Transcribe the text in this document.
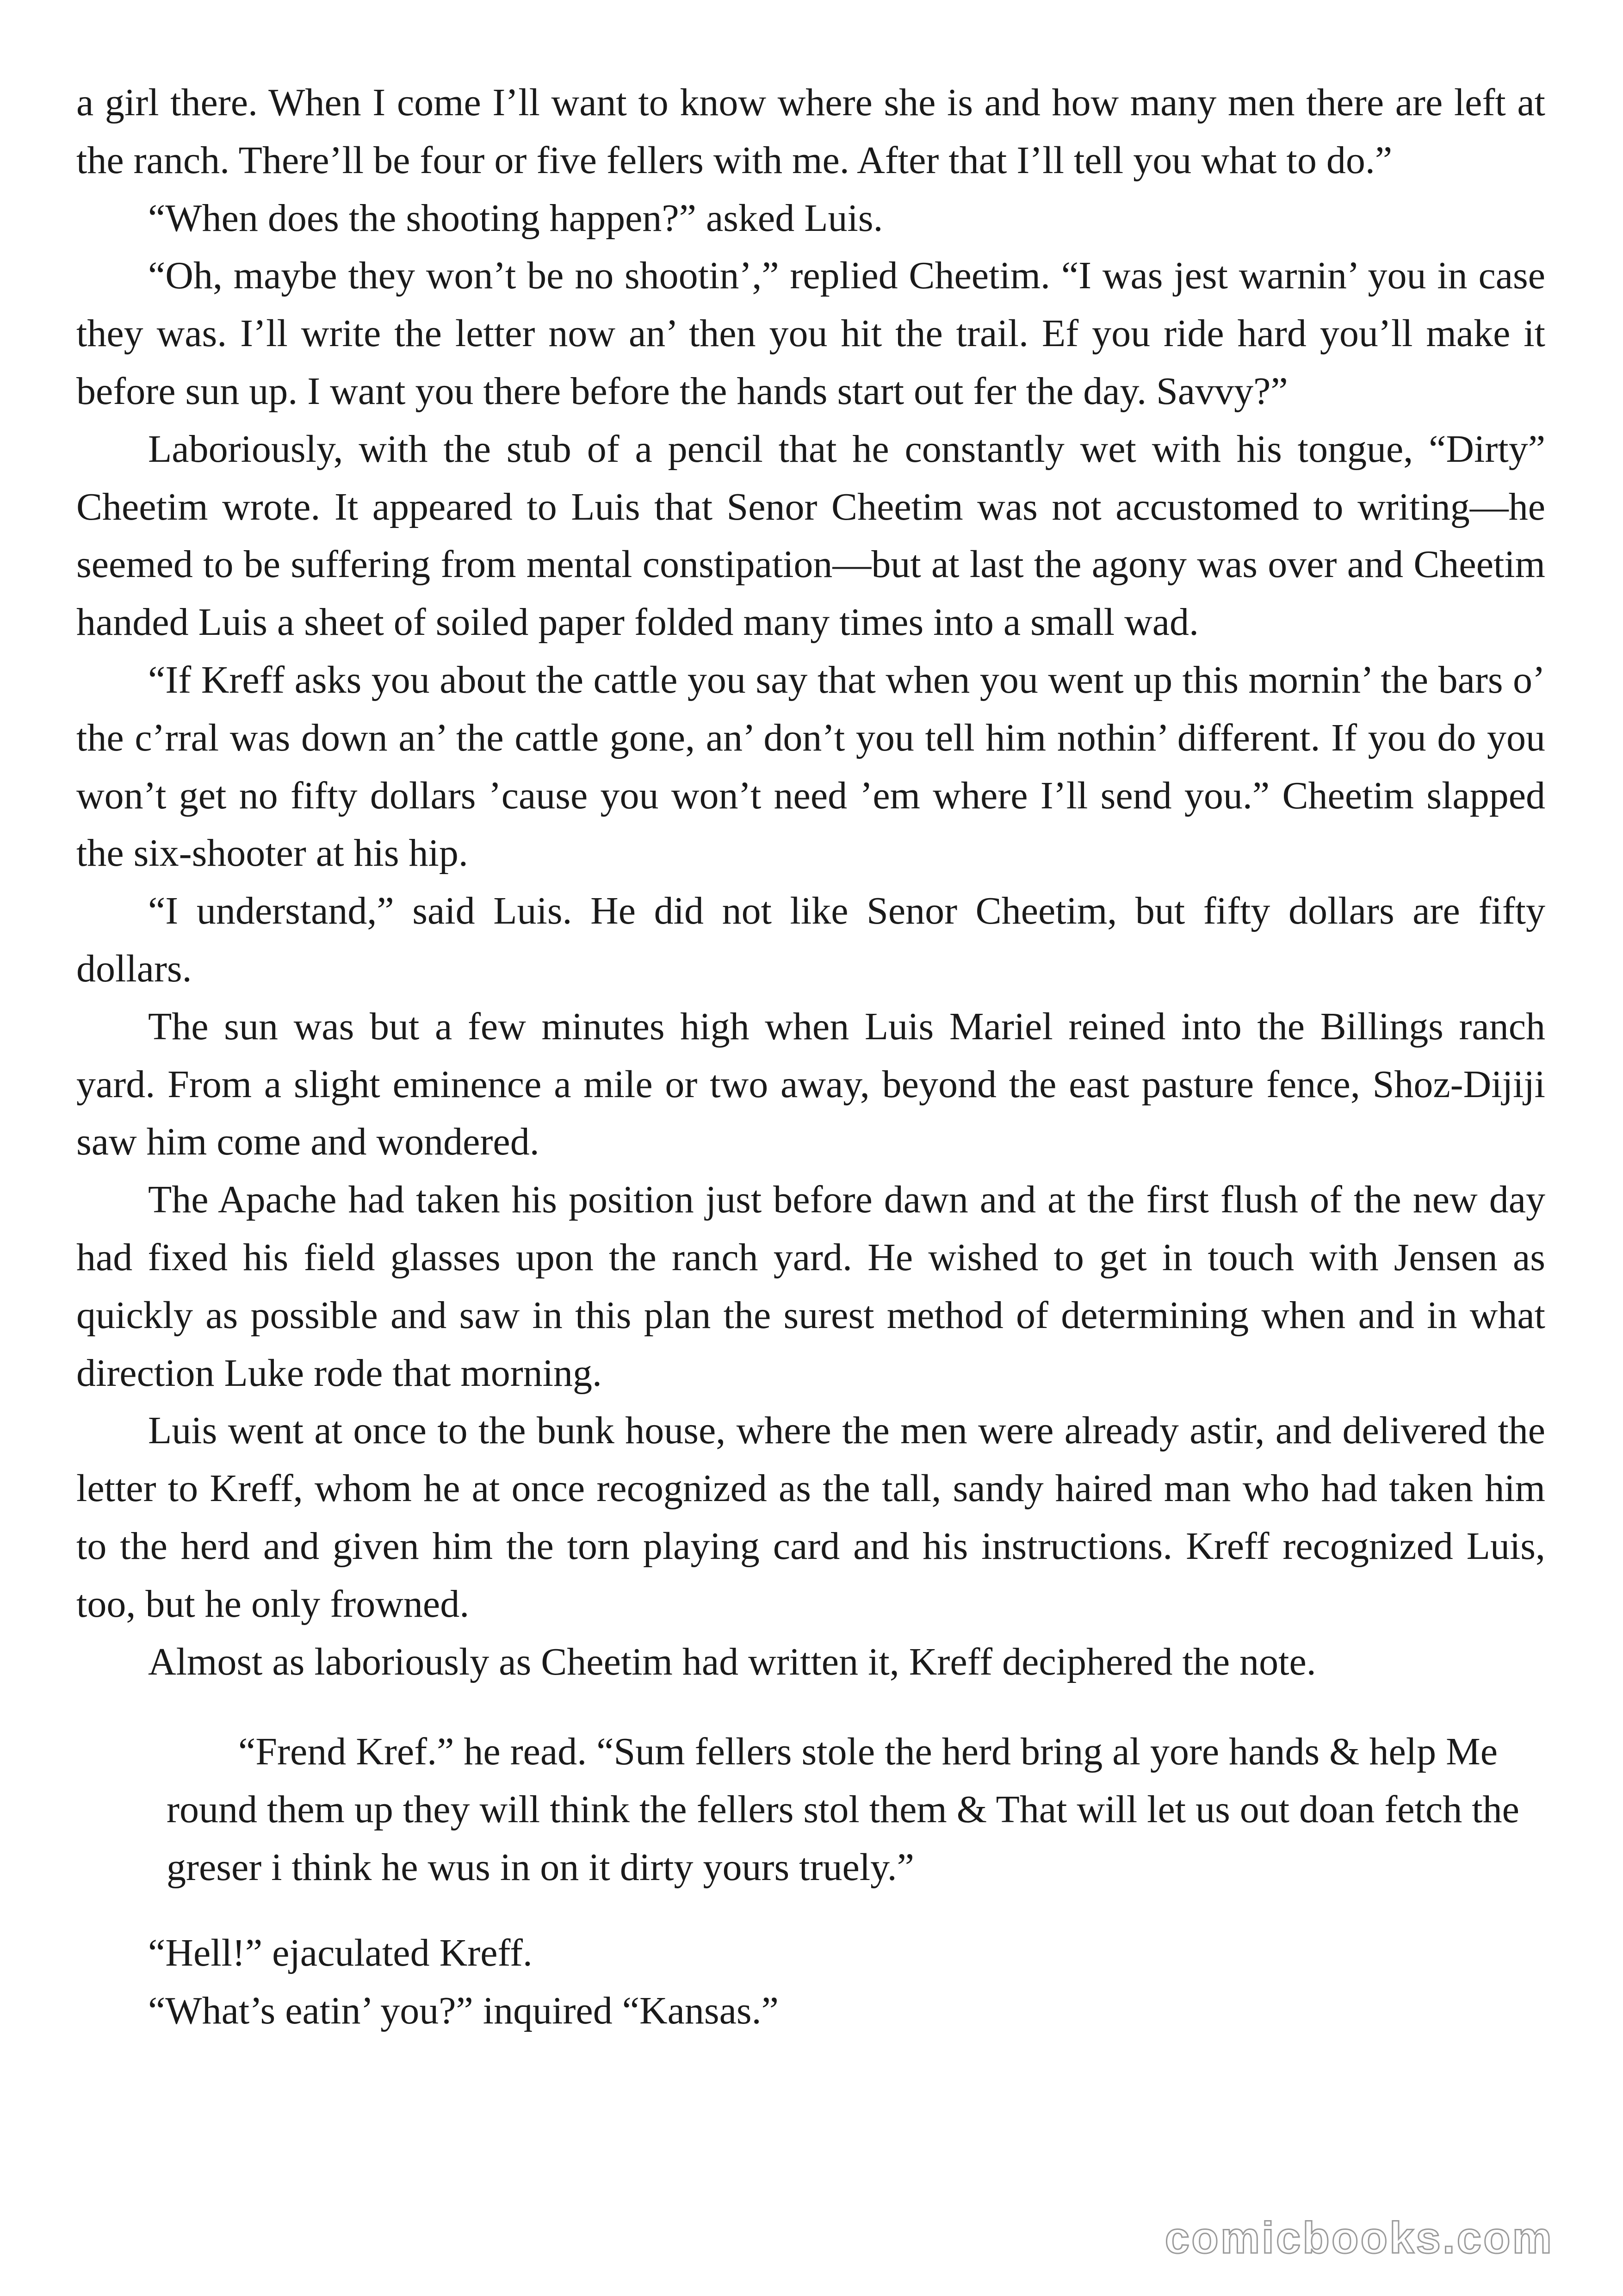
a girl there. When I come I’ll want to know where she is and how many men there are left at the ranch. There’ll be four or five fellers with me. After that I’ll tell you what to do.”

“When does the shooting happen?” asked Luis.

“Oh, maybe they won’t be no shootin’,” replied Cheetim. “I was jest warnin’ you in case they was. I’ll write the letter now an’ then you hit the trail. Ef you ride hard you’ll make it before sun up. I want you there before the hands start out fer the day. Savvy?”

Laboriously, with the stub of a pencil that he constantly wet with his tongue, “Dirty” Cheetim wrote. It appeared to Luis that Senor Cheetim was not accustomed to writing—he seemed to be suffering from mental constipation—but at last the agony was over and Cheetim handed Luis a sheet of soiled paper folded many times into a small wad.

“If Kreff asks you about the cattle you say that when you went up this mornin’ the bars o’ the c’rral was down an’ the cattle gone, an’ don’t you tell him nothin’ different. If you do you won’t get no fifty dollars ’cause you won’t need ’em where I’ll send you.” Cheetim slapped the six-shooter at his hip.

“I understand,” said Luis. He did not like Senor Cheetim, but fifty dollars are fifty dollars.

The sun was but a few minutes high when Luis Mariel reined into the Billings ranch yard. From a slight eminence a mile or two away, beyond the east pasture fence, Shoz-Dijiji saw him come and wondered.

The Apache had taken his position just before dawn and at the first flush of the new day had fixed his field glasses upon the ranch yard. He wished to get in touch with Jensen as quickly as possible and saw in this plan the surest method of determining when and in what direction Luke rode that morning.

Luis went at once to the bunk house, where the men were already astir, and delivered the letter to Kreff, whom he at once recognized as the tall, sandy haired man who had taken him to the herd and given him the torn playing card and his instructions. Kreff recognized Luis, too, but he only frowned.

Almost as laboriously as Cheetim had written it, Kreff deciphered the note.

“Frend Kref.” he read. “Sum fellers stole the herd bring al yore hands & help Me round them up they will think the fellers stol them & That will let us out doan fetch the greser i think he wus in on it dirty yours truely.”

“Hell!” ejaculated Kreff.

“What’s eatin’ you?” inquired “Kansas.”

comicbooks.com
